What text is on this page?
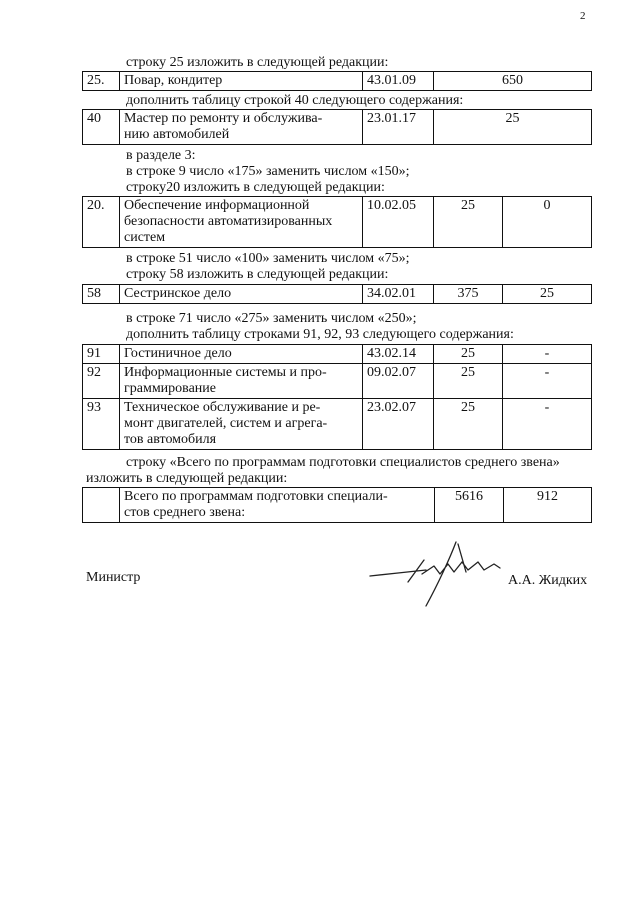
2
строку 25 изложить в следующей редакции:
25.	Повар, кондитер	43.01.09	650
дополнить таблицу строкой 40 следующего содержания:
40	Мастер по ремонту и обслужива-
нию автомобилей	23.01.17	25
в разделе 3:
в строке 9 число «175» заменить числом «150»;
строку20 изложить в следующей редакции:
20.	Обеспечение информационной
безопасности автоматизированных
систем	10.02.05	25	0
в строке 51 число «100» заменить числом «75»;
строку 58 изложить в следующей редакции:
58	Сестринское дело	34.02.01	375	25
в строке 71 число «275» заменить числом «250»;
дополнить таблицу строками 91, 92, 93 следующего содержания:
91	Гостиничное дело	43.02.14	25	-
92	Информационные системы и про-
граммирование	09.02.07	25	-
93	Техническое обслуживание и ре-
монт двигателей, систем и агрега-
тов автомобиля	23.02.07	25	-
строку «Всего по программам подготовки специалистов среднего звена»
изложить в следующей редакции:
	Всего по программам подготовки специали-
стов среднего звена:	5616	912
Министр	А.А. Жидких
